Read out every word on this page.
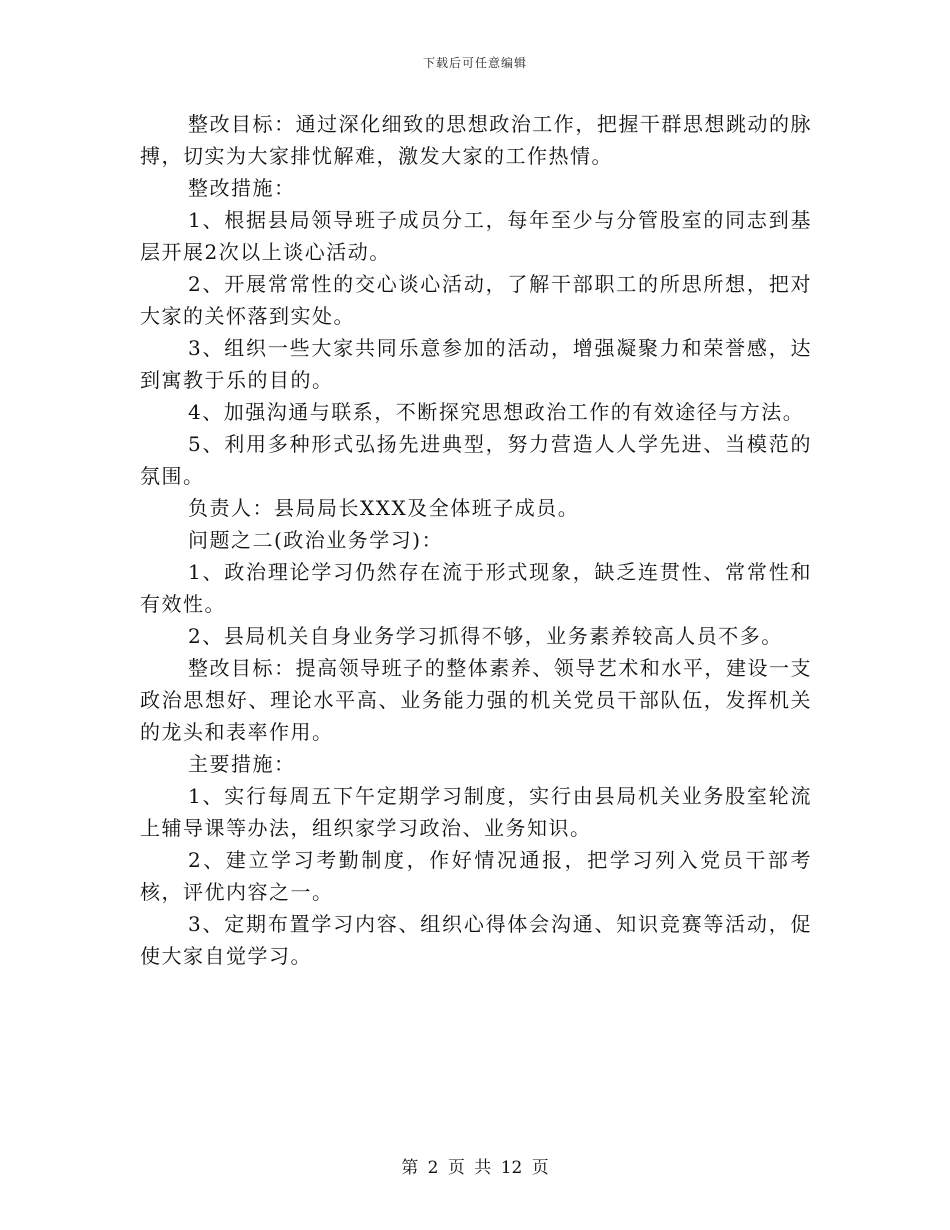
下载后可任意编辑

整改目标：通过深化细致的思想政治工作，把握干群思想跳动的脉搏，切实为大家排忧解难，激发大家的工作热情。

整改措施：

1、根据县局领导班子成员分工，每年至少与分管股室的同志到基层开展2次以上谈心活动。

2、开展常常性的交心谈心活动，了解干部职工的所思所想，把对大家的关怀落到实处。

3、组织一些大家共同乐意参加的活动，增强凝聚力和荣誉感，达到寓教于乐的目的。

4、加强沟通与联系，不断探究思想政治工作的有效途径与方法。

5、利用多种形式弘扬先进典型，努力营造人人学先进、当模范的氛围。

负责人：县局局长XXX及全体班子成员。

问题之二(政治业务学习)：

1、政治理论学习仍然存在流于形式现象，缺乏连贯性、常常性和有效性。

2、县局机关自身业务学习抓得不够，业务素养较高人员不多。

整改目标：提高领导班子的整体素养、领导艺术和水平，建设一支政治思想好、理论水平高、业务能力强的机关党员干部队伍，发挥机关的龙头和表率作用。

主要措施：

1、实行每周五下午定期学习制度，实行由县局机关业务股室轮流上辅导课等办法，组织家学习政治、业务知识。

2、建立学习考勤制度，作好情况通报，把学习列入党员干部考核，评优内容之一。

3、定期布置学习内容、组织心得体会沟通、知识竞赛等活动，促使大家自觉学习。

第 2 页 共 12 页
